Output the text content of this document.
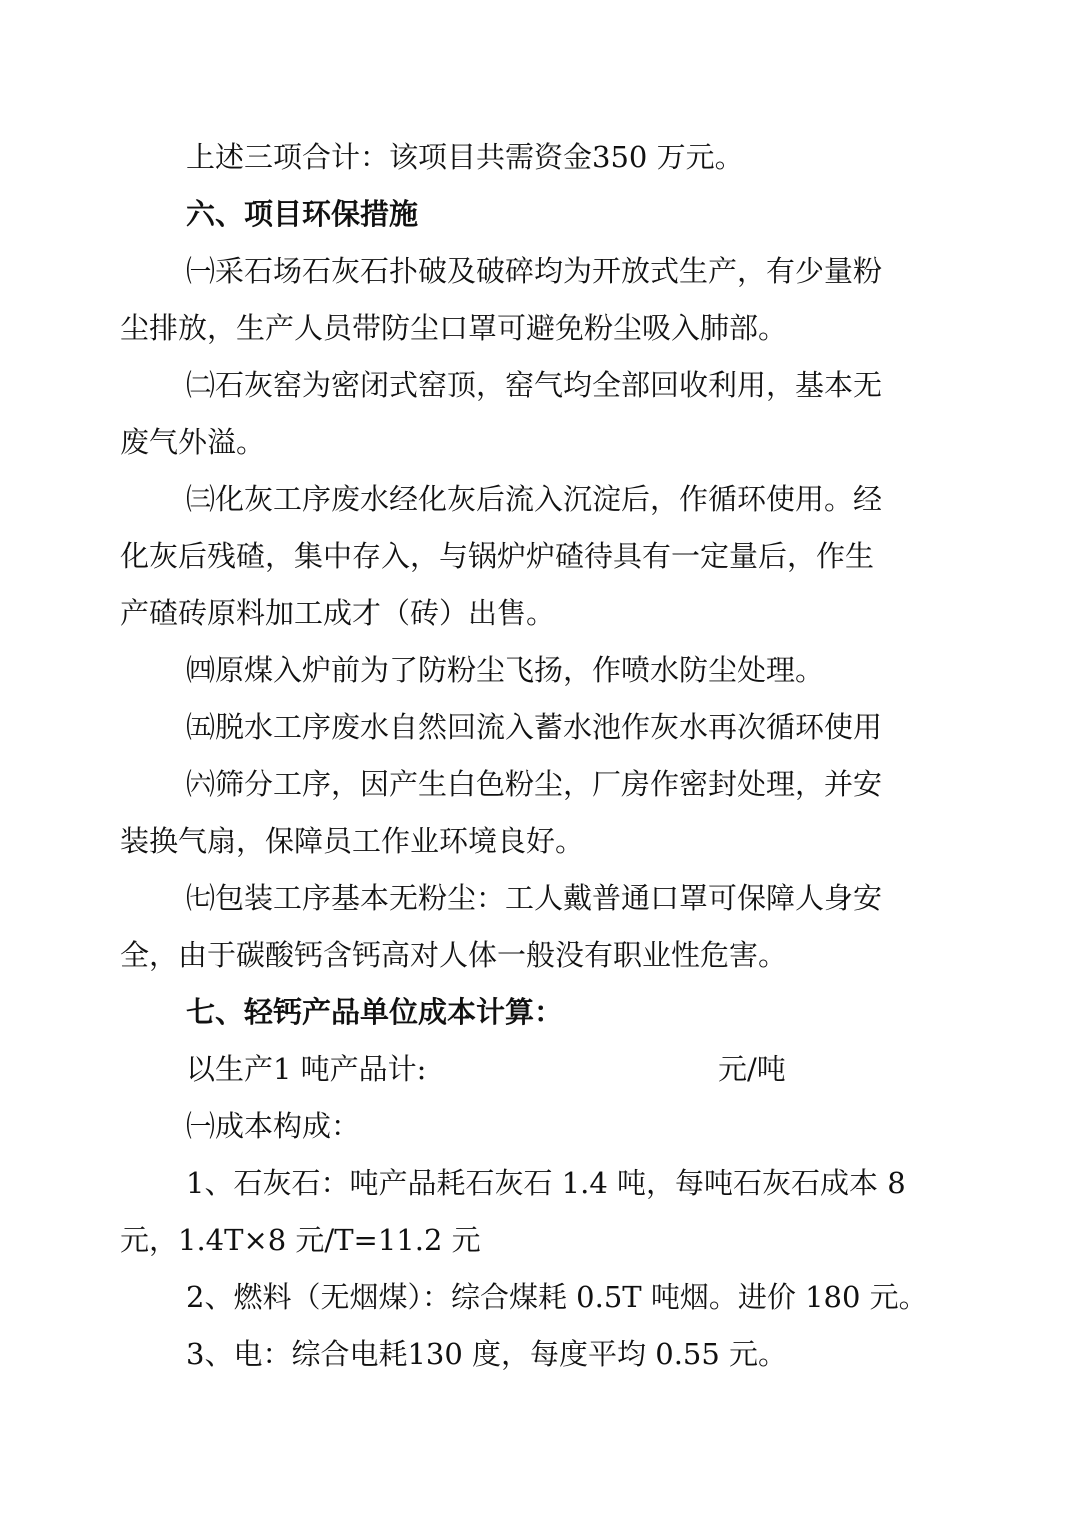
上述三项合计：该项目共需资金350 万元。
六、项目环保措施
㈠采石场石灰石扑破及破碎均为开放式生产，有少量粉
尘排放，生产人员带防尘口罩可避免粉尘吸入肺部。
㈡石灰窑为密闭式窑顶，窑气均全部回收利用，基本无
废气外溢。
㈢化灰工序废水经化灰后流入沉淀后，作循环使用。经
化灰后残碴，集中存入，与锅炉炉碴待具有一定量后，作生
产碴砖原料加工成才（砖）出售。
㈣原煤入炉前为了防粉尘飞扬，作喷水防尘处理。
㈤脱水工序废水自然回流入蓄水池作灰水再次循环使用
㈥筛分工序，因产生白色粉尘，厂房作密封处理，并安
装换气扇，保障员工作业环境良好。
㈦包装工序基本无粉尘：工人戴普通口罩可保障人身安
全，由于碳酸钙含钙高对人体一般没有职业性危害。
七、轻钙产品单位成本计算：
以生产1 吨产品计:	元/吨
㈠成本构成：
1、石灰石：吨产品耗石灰石 1.4 吨，每吨石灰石成本 8
元，1.4T×8 元/T=11.2 元
2、燃料（无烟煤）：综合煤耗 0.5T 吨烟。进价 180 元。
3、电：综合电耗130 度，每度平均 0.55 元。
